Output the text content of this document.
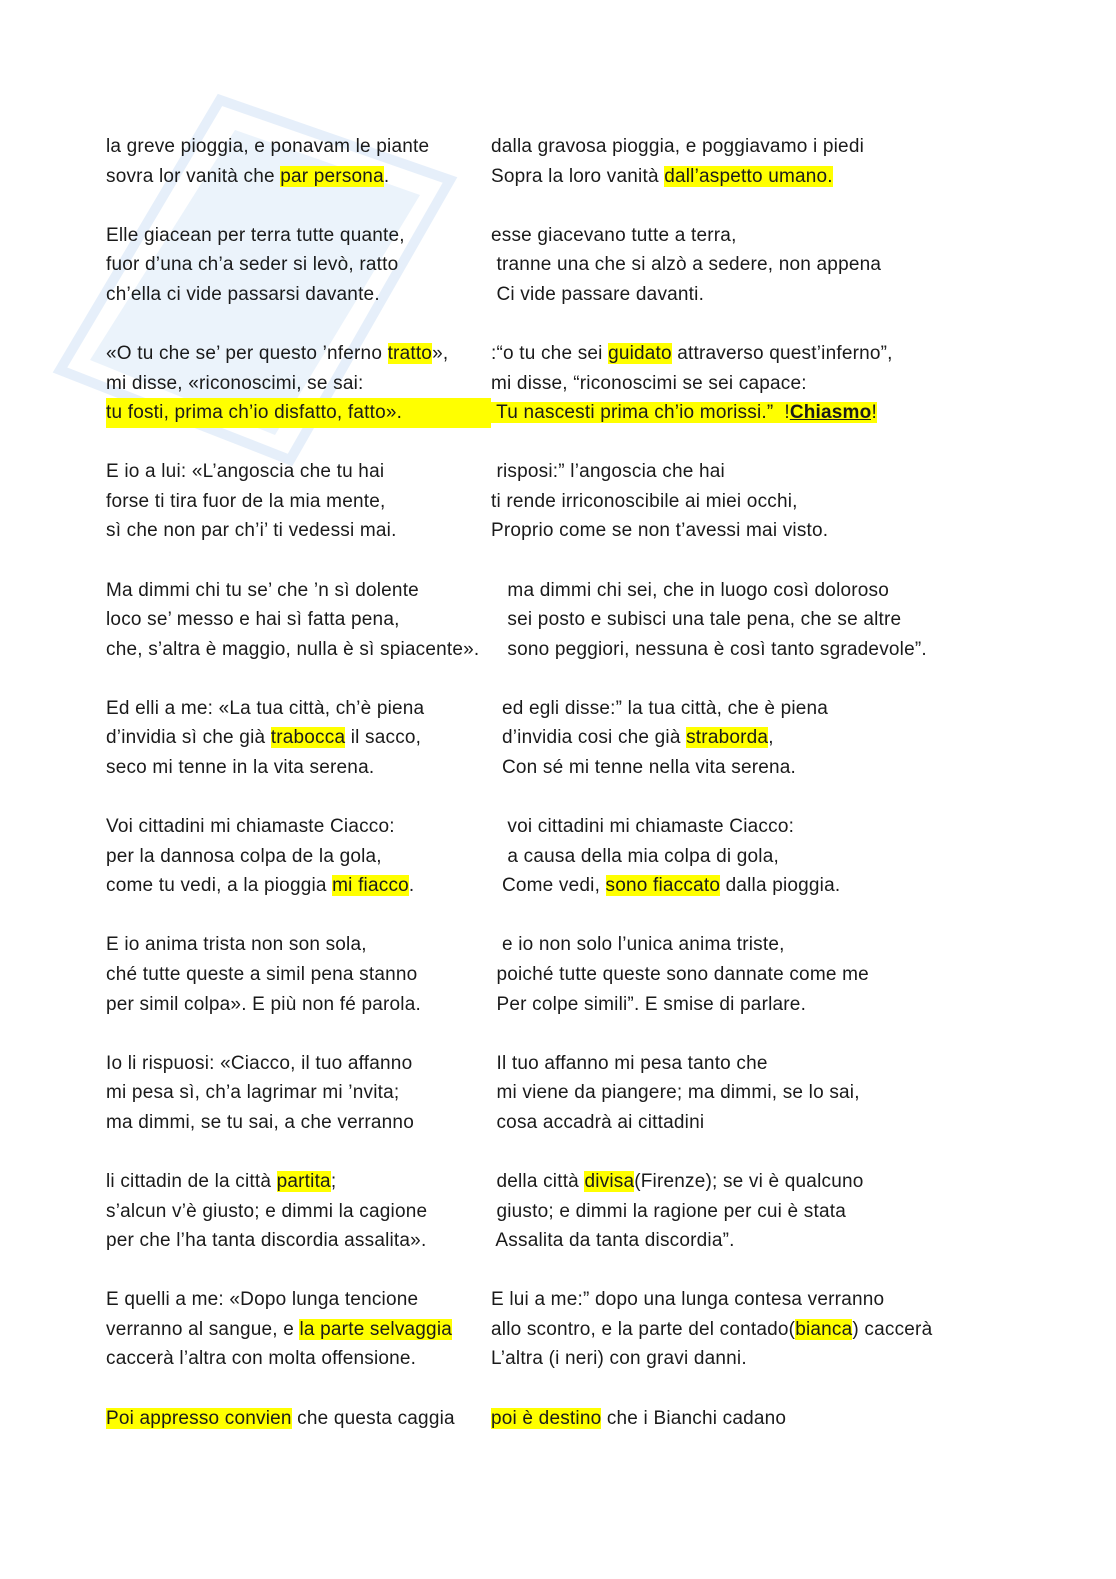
la greve pioggia, e ponavam le piante
sovra lor vanità che par persona.
Elle giacean per terra tutte quante,
fuor d’una ch’a seder si levò, ratto
ch’ella ci vide passarsi davante.
«O tu che se’ per questo ’nferno tratto»,
mi disse, «riconoscimi, se sai:
tu fosti, prima ch’io disfatto, fatto».
E io a lui: «L’angoscia che tu hai
forse ti tira fuor de la mia mente,
sì che non par ch’i’ ti vedessi mai.
Ma dimmi chi tu se’ che ’n sì dolente
loco se’ messo e hai sì fatta pena,
che, s’altra è maggio, nulla è sì spiacente».
Ed elli a me: «La tua città, ch’è piena
d’invidia sì che già trabocca il sacco,
seco mi tenne in la vita serena.
Voi cittadini mi chiamaste Ciacco:
per la dannosa colpa de la gola,
come tu vedi, a la pioggia mi fiacco.
E io anima trista non son sola,
ché tutte queste a simil pena stanno
per simil colpa». E più non fé parola.
Io li rispuosi: «Ciacco, il tuo affanno
mi pesa sì, ch’a lagrimar mi ’nvita;
ma dimmi, se tu sai, a che verranno
li cittadin de la città partita;
s’alcun v’è giusto; e dimmi la cagione
per che l’ha tanta discordia assalita».
E quelli a me: «Dopo lunga tencione
verranno al sangue, e la parte selvaggia
caccerà l’altra con molta offensione.
Poi appresso convien che questa caggia
dalla gravosa pioggia, e poggiavamo i piedi
Sopra la loro vanità dall’aspetto umano.
esse giacevano tutte a terra,
tranne una che si alzò a sedere, non appena
Ci vide passare davanti.
:“o tu che sei guidato attraverso quest’inferno”,
mi disse, “riconoscimi se sei capace:
Tu nascesti prima ch’io morissi.”  !Chiasmo!
risposi:” l’angoscia che hai
ti rende irriconoscibile ai miei occhi,
Proprio come se non t’avessi mai visto.
ma dimmi chi sei, che in luogo così doloroso
sei posto e subisci una tale pena, che se altre
sono peggiori, nessuna è così tanto sgradevole”.
ed egli disse:” la tua città, che è piena
d’invidia cosi che già straborda,
Con sé mi tenne nella vita serena.
voi cittadini mi chiamaste Ciacco:
a causa della mia colpa di gola,
Come vedi, sono fiaccato dalla pioggia.
e io non solo l’unica anima triste,
poiché tutte queste sono dannate come me
Per colpe simili”. E smise di parlare.
Il tuo affanno mi pesa tanto che
mi viene da piangere; ma dimmi, se lo sai,
cosa accadrà ai cittadini
della città divisa(Firenze); se vi è qualcuno
giusto; e dimmi la ragione per cui è stata
Assalita da tanta discordia”.
E lui a me:” dopo una lunga contesa verranno
allo scontro, e la parte del contado(bianca) caccerà
L’altra (i neri) con gravi danni.
poi è destino che i Bianchi cadano
